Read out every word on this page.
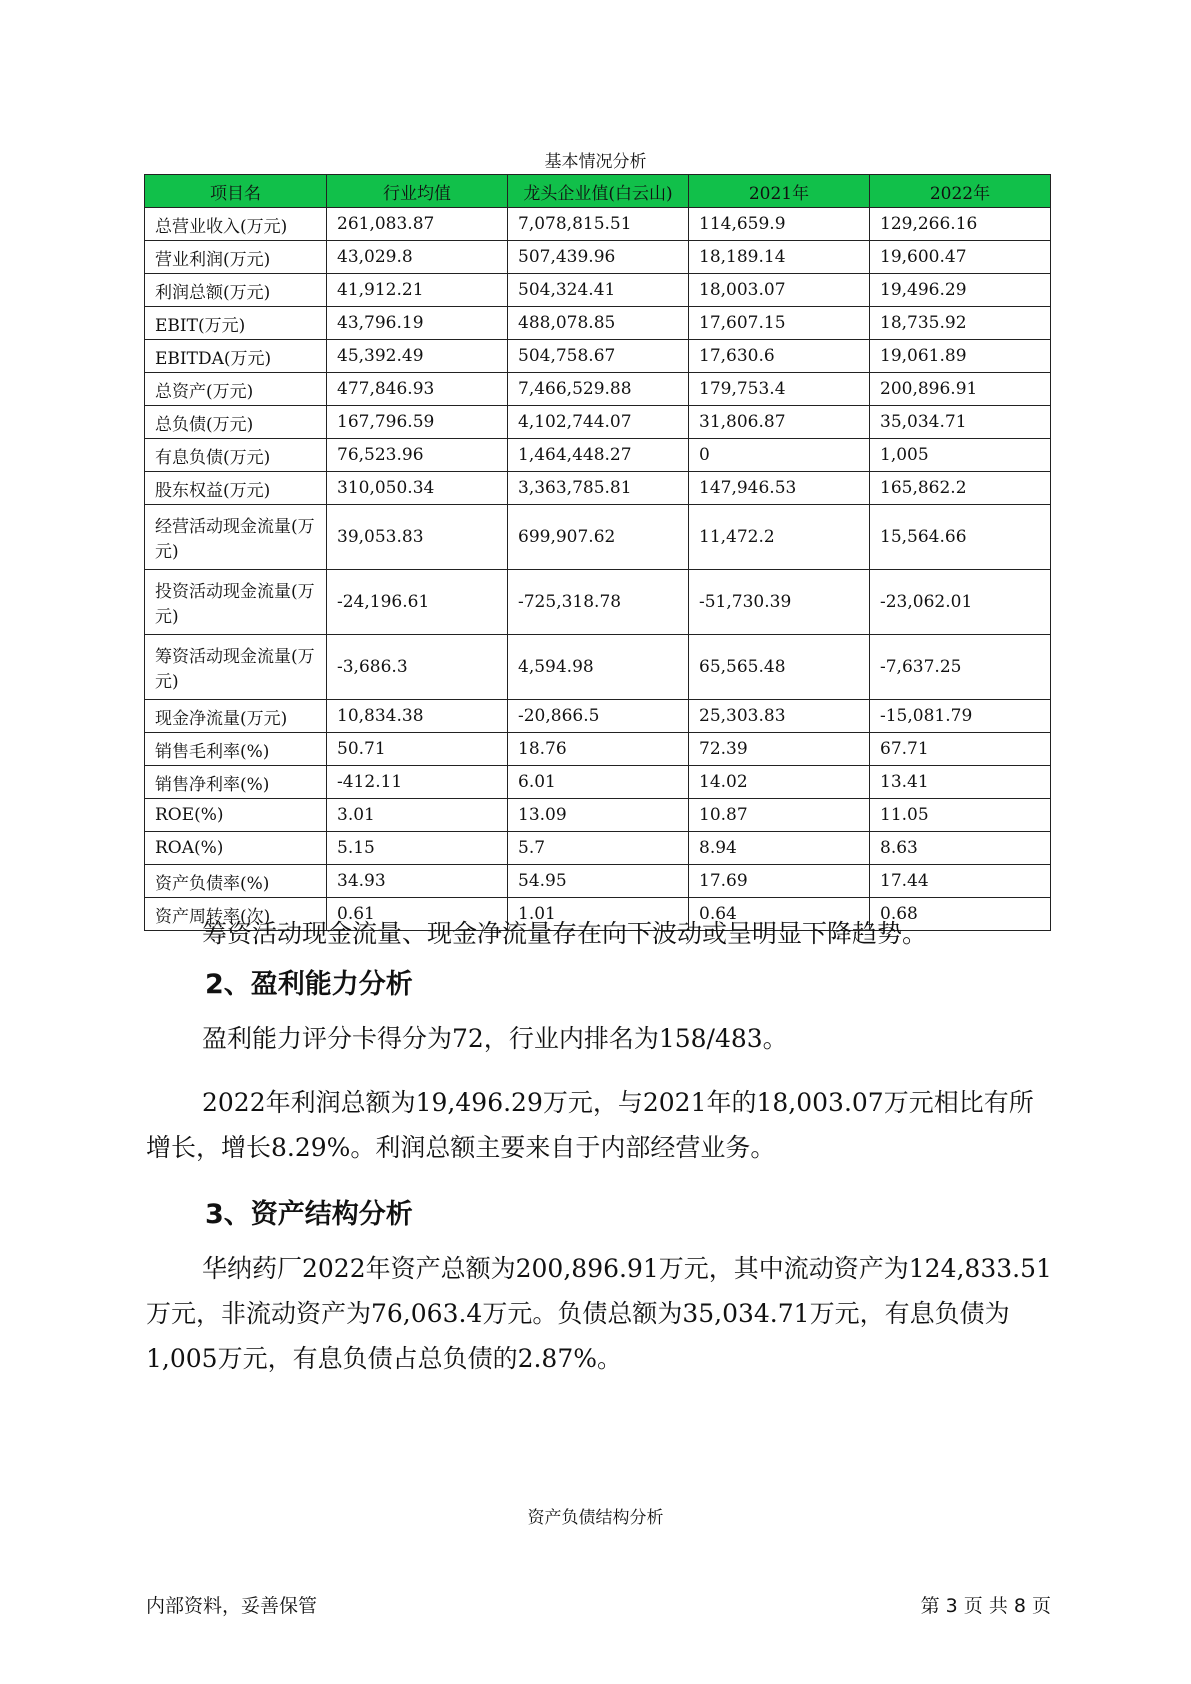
基本情况分析
项目名	行业均值	龙头企业值(白云山)	2021年	2022年
总营业收入(万元)	261,083.87	7,078,815.51	114,659.9	129,266.16
营业利润(万元)	43,029.8	507,439.96	18,189.14	19,600.47
利润总额(万元)	41,912.21	504,324.41	18,003.07	19,496.29
EBIT(万元)	43,796.19	488,078.85	17,607.15	18,735.92
EBITDA(万元)	45,392.49	504,758.67	17,630.6	19,061.89
总资产(万元)	477,846.93	7,466,529.88	179,753.4	200,896.91
总负债(万元)	167,796.59	4,102,744.07	31,806.87	35,034.71
有息负债(万元)	76,523.96	1,464,448.27	0	1,005
股东权益(万元)	310,050.34	3,363,785.81	147,946.53	165,862.2
经营活动现金流量(万元)	39,053.83	699,907.62	11,472.2	15,564.66
投资活动现金流量(万元)	-24,196.61	-725,318.78	-51,730.39	-23,062.01
筹资活动现金流量(万元)	-3,686.3	4,594.98	65,565.48	-7,637.25
现金净流量(万元)	10,834.38	-20,866.5	25,303.83	-15,081.79
销售毛利率(%)	50.71	18.76	72.39	67.71
销售净利率(%)	-412.11	6.01	14.02	13.41
ROE(%)	3.01	13.09	10.87	11.05
ROA(%)	5.15	5.7	8.94	8.63
资产负债率(%)	34.93	54.95	17.69	17.44
资产周转率(次)	0.61	1.01	0.64	0.68
筹资活动现金流量、现金净流量存在向下波动或呈明显下降趋势。
2、盈利能力分析
盈利能力评分卡得分为72，行业内排名为158/483。
2022年利润总额为19,496.29万元，与2021年的18,003.07万元相比有所增长，增长8.29%。利润总额主要来自于内部经营业务。
3、资产结构分析
华纳药厂2022年资产总额为200,896.91万元，其中流动资产为124,833.51万元，非流动资产为76,063.4万元。负债总额为35,034.71万元，有息负债为1,005万元，有息负债占总负债的2.87%。
资产负债结构分析
内部资料，妥善保管	第 3 页 共 8 页
